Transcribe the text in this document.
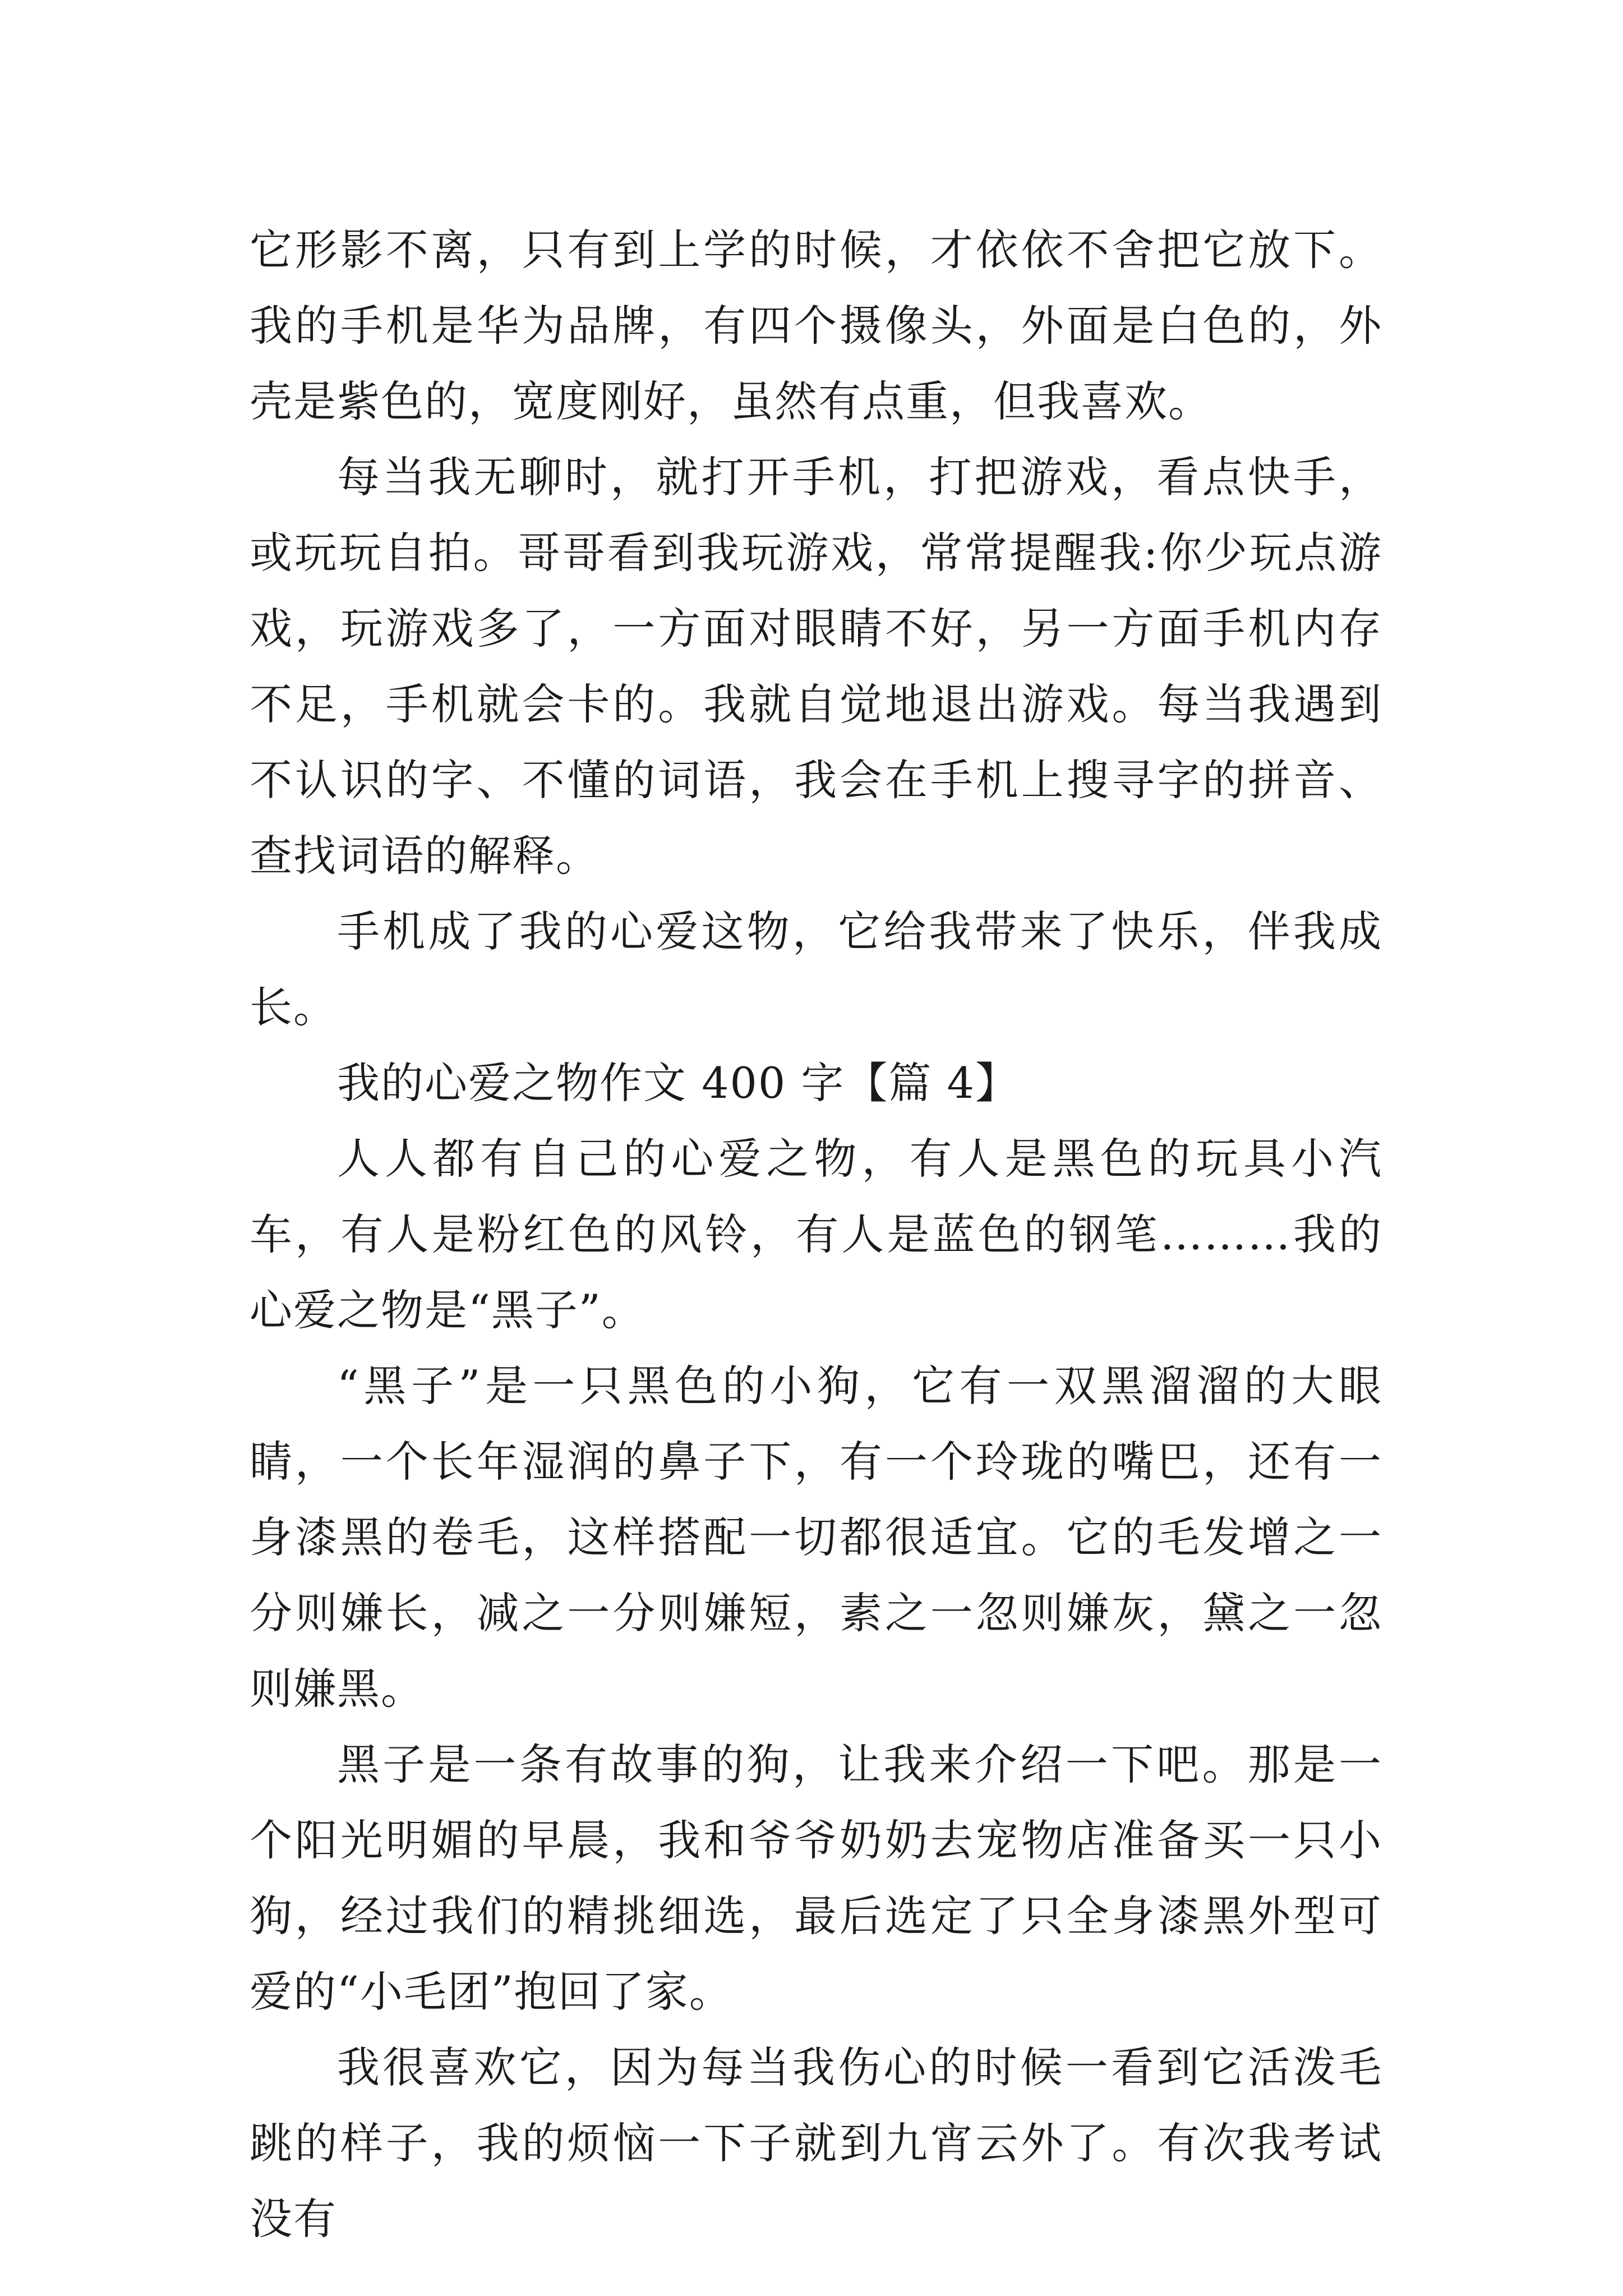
它形影不离，只有到上学的时候，才依依不舍把它放下。我的手机是华为品牌，有四个摄像头，外面是白色的，外壳是紫色的，宽度刚好，虽然有点重，但我喜欢。

每当我无聊时，就打开手机，打把游戏，看点快手，或玩玩自拍。哥哥看到我玩游戏，常常提醒我:你少玩点游戏，玩游戏多了，一方面对眼睛不好，另一方面手机内存不足，手机就会卡的。我就自觉地退出游戏。每当我遇到不认识的字、不懂的词语，我会在手机上搜寻字的拼音、查找词语的解释。

手机成了我的心爱这物，它给我带来了快乐，伴我成长。

我的心爱之物作文 400 字【篇 4】

人人都有自己的心爱之物，有人是黑色的玩具小汽车，有人是粉红色的风铃，有人是蓝色的钢笔………我的心爱之物是“黑子”。

“黑子”是一只黑色的小狗，它有一双黑溜溜的大眼睛，一个长年湿润的鼻子下，有一个玲珑的嘴巴，还有一身漆黑的卷毛，这样搭配一切都很适宜。它的毛发增之一分则嫌长，减之一分则嫌短，素之一忽则嫌灰，黛之一忽则嫌黑。

黑子是一条有故事的狗，让我来介绍一下吧。那是一个阳光明媚的早晨，我和爷爷奶奶去宠物店准备买一只小狗，经过我们的精挑细选，最后选定了只全身漆黑外型可爱的“小毛团”抱回了家。

我很喜欢它，因为每当我伤心的时候一看到它活泼毛跳的样子，我的烦恼一下子就到九宵云外了。有次我考试没有
